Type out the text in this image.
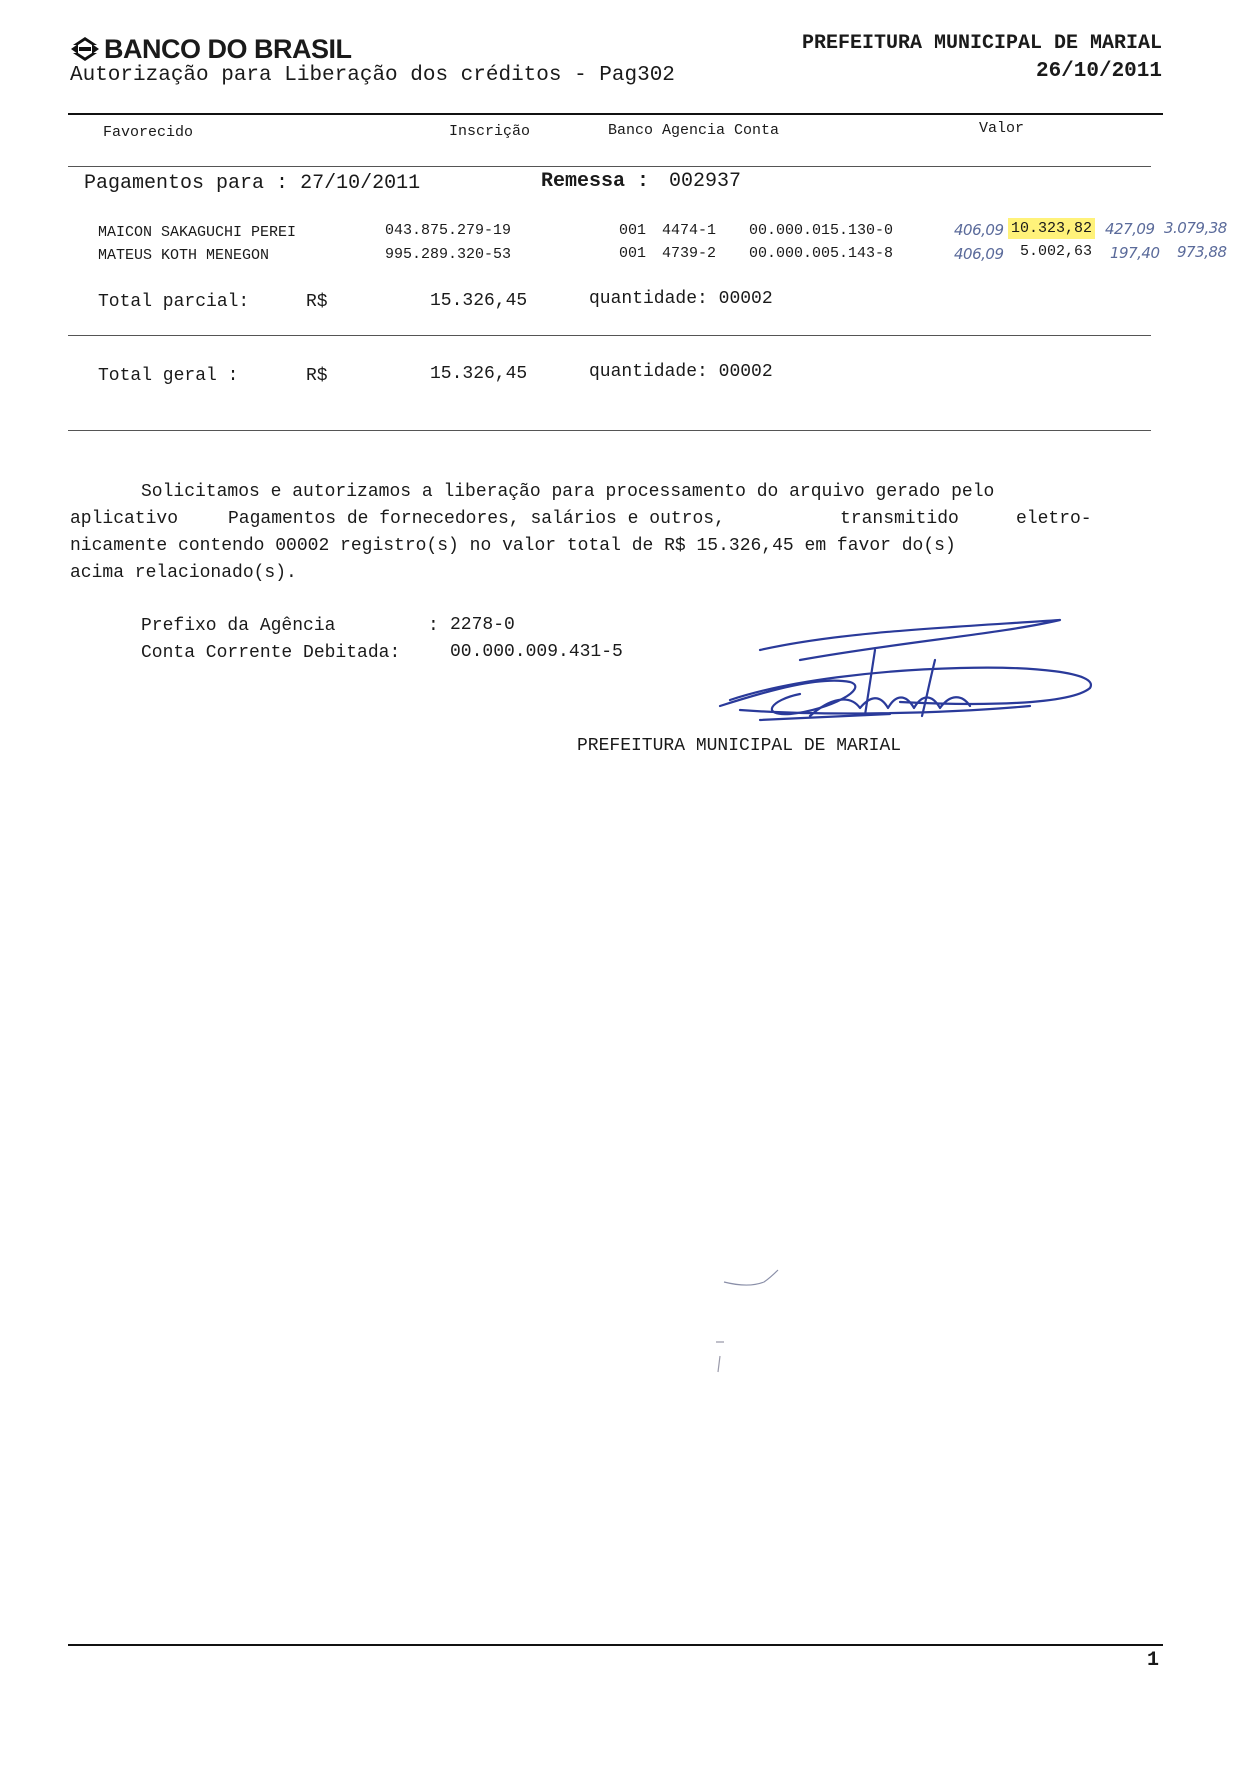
BANCO DO BRASIL
Autorização para Liberação dos créditos - Pag302
PREFEITURA MUNICIPAL DE MARIAL
26/10/2011
Favorecido	Inscrição	Banco Agencia Conta	Valor
Pagamentos para : 27/10/2011	Remessa : 002937
MAICON SAKAGUCHI PEREI	043.875.279-19	001 4474-1 00.000.015.130-0	406,09 10.323,82 427,09 3.079,38
MATEUS KOTH MENEGON	995.289.320-53	001 4739-2 00.000.005.143-8	406,09 5.002,63 197,40 973,88
Total parcial:	R$	15.326,45	quantidade: 00002
Total geral :	R$	15.326,45	quantidade: 00002
Solicitamos e autorizamos a liberação para processamento do arquivo gerado pelo
aplicativo	Pagamentos de fornecedores, salários e outros,	transmitido	eletro-
nicamente contendo 00002 registro(s) no valor total de R$ 15.326,45 em favor do(s)
acima relacionado(s).
Prefixo da Agência	: 2278-0
Conta Corrente Debitada:	00.000.009.431-5
PREFEITURA MUNICIPAL DE MARIAL
1
